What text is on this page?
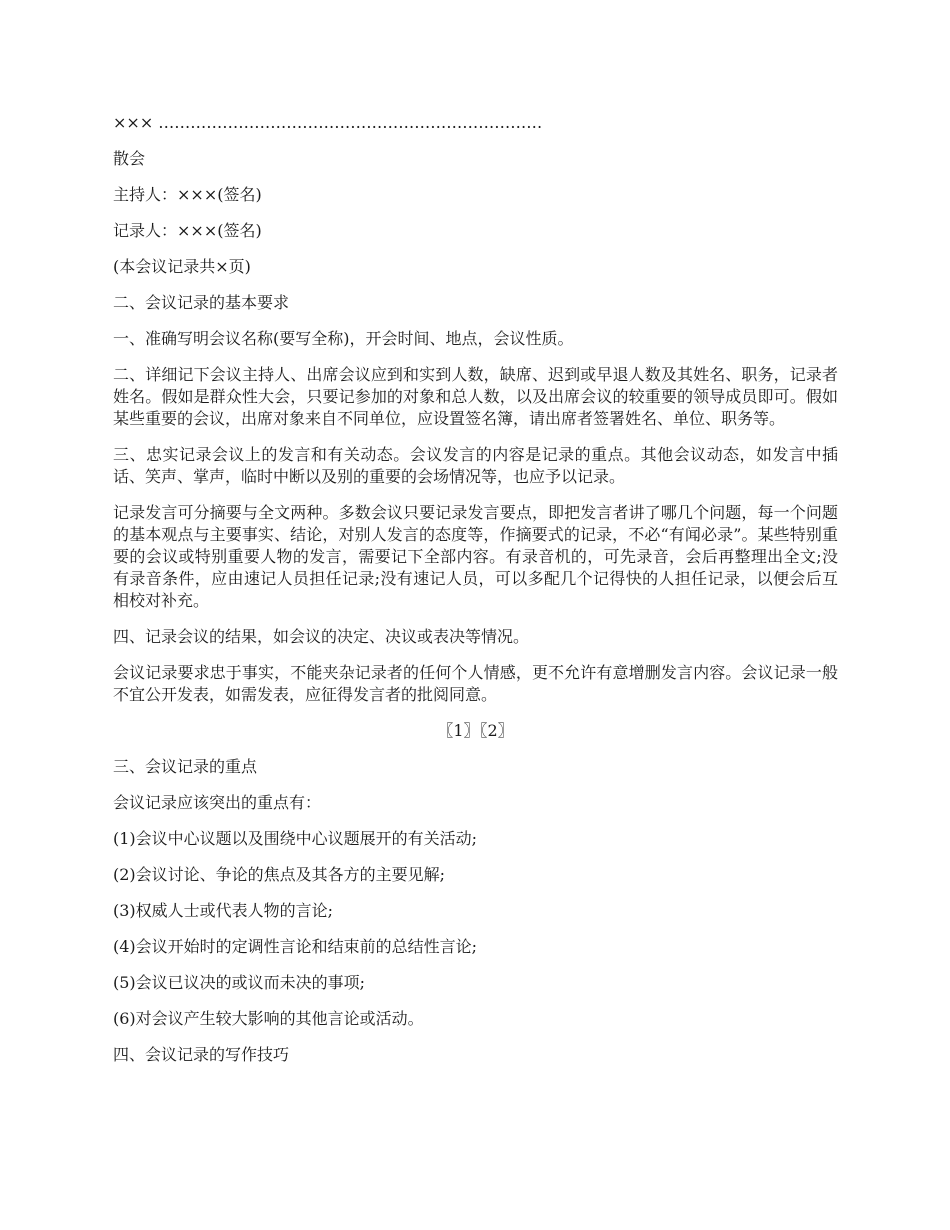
××× ………………………………………………………………

散会

主持人：×××(签名)

记录人：×××(签名)

(本会议记录共×页)

二、会议记录的基本要求

一、准确写明会议名称(要写全称)，开会时间、地点，会议性质。

二、详细记下会议主持人、出席会议应到和实到人数，缺席、迟到或早退人数及其姓名、职务，记录者姓名。假如是群众性大会，只要记参加的对象和总人数，以及出席会议的较重要的领导成员即可。假如某些重要的会议，出席对象来自不同单位，应设置签名簿，请出席者签署姓名、单位、职务等。

三、忠实记录会议上的发言和有关动态。会议发言的内容是记录的重点。其他会议动态，如发言中插话、笑声、掌声，临时中断以及别的重要的会场情况等，也应予以记录。

记录发言可分摘要与全文两种。多数会议只要记录发言要点，即把发言者讲了哪几个问题，每一个问题的基本观点与主要事实、结论，对别人发言的态度等，作摘要式的记录，不必“有闻必录”。某些特别重要的会议或特别重要人物的发言，需要记下全部内容。有录音机的，可先录音，会后再整理出全文;没有录音条件，应由速记人员担任记录;没有速记人员，可以多配几个记得快的人担任记录，以便会后互相校对补充。

四、记录会议的结果，如会议的决定、决议或表决等情况。

会议记录要求忠于事实，不能夹杂记录者的任何个人情感，更不允许有意增删发言内容。会议记录一般不宜公开发表，如需发表，应征得发言者的批阅同意。

〖1〗〖2〗

三、会议记录的重点

会议记录应该突出的重点有：

(1)会议中心议题以及围绕中心议题展开的有关活动;

(2)会议讨论、争论的焦点及其各方的主要见解;

(3)权威人士或代表人物的言论;

(4)会议开始时的定调性言论和结束前的总结性言论;

(5)会议已议决的或议而未决的事项;

(6)对会议产生较大影响的其他言论或活动。

四、会议记录的写作技巧
